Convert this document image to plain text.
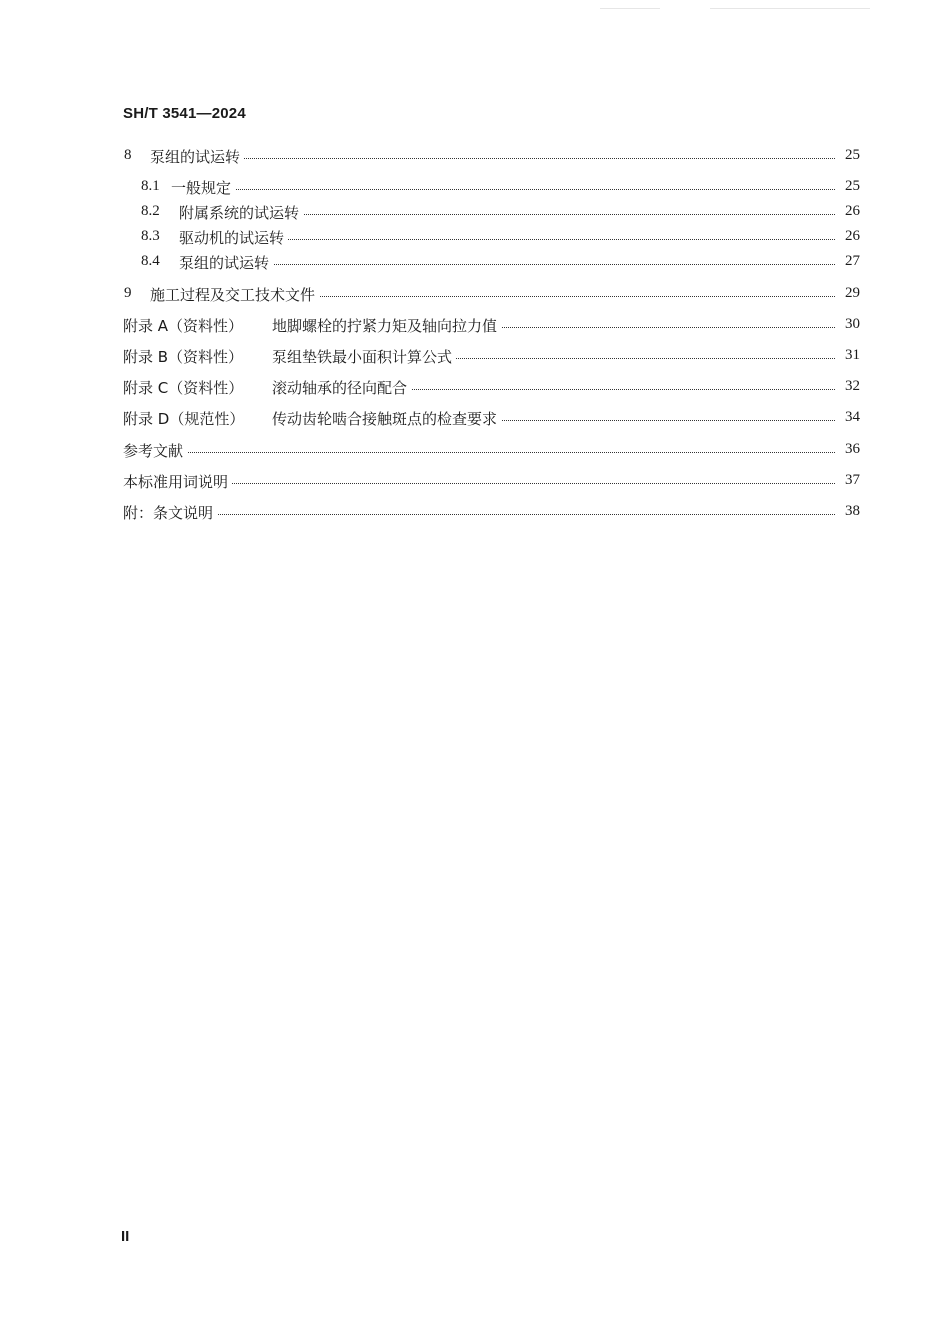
SH/T 3541—2024
8 泵组的试运转	25
8.1 一般规定	25
8.2 附属系统的试运转	26
8.3 驱动机的试运转	26
8.4 泵组的试运转	27
9 施工过程及交工技术文件	29
附录 A（资料性） 地脚螺栓的拧紧力矩及轴向拉力值	30
附录 B（资料性） 泵组垫铁最小面积计算公式	31
附录 C（资料性） 滚动轴承的径向配合	32
附录 D（规范性） 传动齿轮啮合接触斑点的检查要求	34
参考文献	36
本标准用词说明	37
附：条文说明	38
II
